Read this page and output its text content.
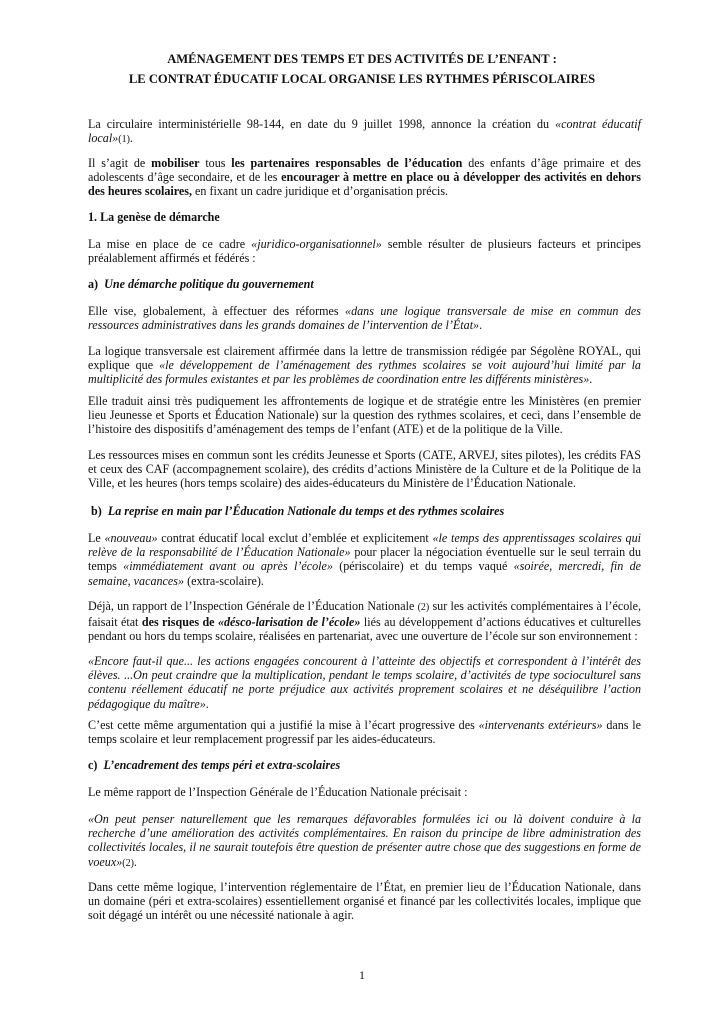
AMÉNAGEMENT DES TEMPS ET DES ACTIVITÉS DE L’ENFANT :
LE CONTRAT ÉDUCATIF LOCAL ORGANISE LES RYTHMES PÉRISCOLAIRES

La circulaire interministérielle 98-144, en date du 9 juillet 1998, annonce la création du «contrat éducatif local»(1).

Il s’agit de mobiliser tous les partenaires responsables de l’éducation des enfants d’âge primaire et des adolescents d’âge secondaire, et de les encourager à mettre en place ou à développer des activités en dehors des heures scolaires, en fixant un cadre juridique et d’organisation précis.

1. La genèse de démarche

La mise en place de ce cadre «juridico-organisationnel» semble résulter de plusieurs facteurs et principes préalablement affirmés et fédérés :

a) Une démarche politique du gouvernement

Elle vise, globalement, à effectuer des réformes «dans une logique transversale de mise en commun des ressources administratives dans les grands domaines de l’intervention de l’État».

La logique transversale est clairement affirmée dans la lettre de transmission rédigée par Ségolène ROYAL, qui explique que «le développement de l’aménagement des rythmes scolaires se voit aujourd’hui limité par la multiplicité des formules existantes et par les problèmes de coordination entre les différents ministères».

Elle traduit ainsi très pudiquement les affrontements de logique et de stratégie entre les Ministères (en premier lieu Jeunesse et Sports et Éducation Nationale) sur la question des rythmes scolaires, et ceci, dans l’ensemble de l’histoire des dispositifs d’aménagement des temps de l’enfant (ATE) et de la politique de la Ville.

Les ressources mises en commun sont les crédits Jeunesse et Sports (CATE, ARVEJ, sites pilotes), les crédits FAS et ceux des CAF (accompagnement scolaire), des crédits d’actions Ministère de la Culture et de la Politique de la Ville, et les heures (hors temps scolaire) des aides-éducateurs du Ministère de l’Éducation Nationale.

b) La reprise en main par l’Éducation Nationale du temps et des rythmes scolaires

Le «nouveau» contrat éducatif local exclut d’emblée et explicitement «le temps des apprentissages scolaires qui relève de la responsabilité de l’Éducation Nationale» pour placer la négociation éventuelle sur le seul terrain du temps «immédiatement avant ou après l’école» (périscolaire) et du temps vaqué «soirée, mercredi, fin de semaine, vacances» (extra-scolaire).

Déjà, un rapport de l’Inspection Générale de l’Éducation Nationale (2) sur les activités complémentaires à l’école, faisait état des risques de «désco-larisation de l’école» liés au développement d’actions éducatives et culturelles pendant ou hors du temps scolaire, réalisées en partenariat, avec une ouverture de l’école sur son environnement :

«Encore faut-il que... les actions engagées concourent à l’atteinte des objectifs et correspondent à l’intérêt des élèves. ...On peut craindre que la multiplication, pendant le temps scolaire, d’activités de type socioculturel sans contenu réellement éducatif ne porte préjudice aux activités proprement scolaires et ne déséquilibre l’action pédagogique du maître».

C’est cette même argumentation qui a justifié la mise à l’écart progressive des «intervenants extérieurs» dans le temps scolaire et leur remplacement progressif par les aides-éducateurs.

c) L’encadrement des temps péri et extra-scolaires

Le même rapport de l’Inspection Générale de l’Éducation Nationale précisait :

«On peut penser naturellement que les remarques défavorables formulées ici ou là doivent conduire à la recherche d’une amélioration des activités complémentaires. En raison du principe de libre administration des collectivités locales, il ne saurait toutefois être question de présenter autre chose que des suggestions en forme de voeux»(2).

Dans cette même logique, l’intervention réglementaire de l’État, en premier lieu de l’Éducation Nationale, dans un domaine (péri et extra-scolaires) essentiellement organisé et financé par les collectivités locales, implique que soit dégagé un intérêt ou une nécessité nationale à agir.

1
